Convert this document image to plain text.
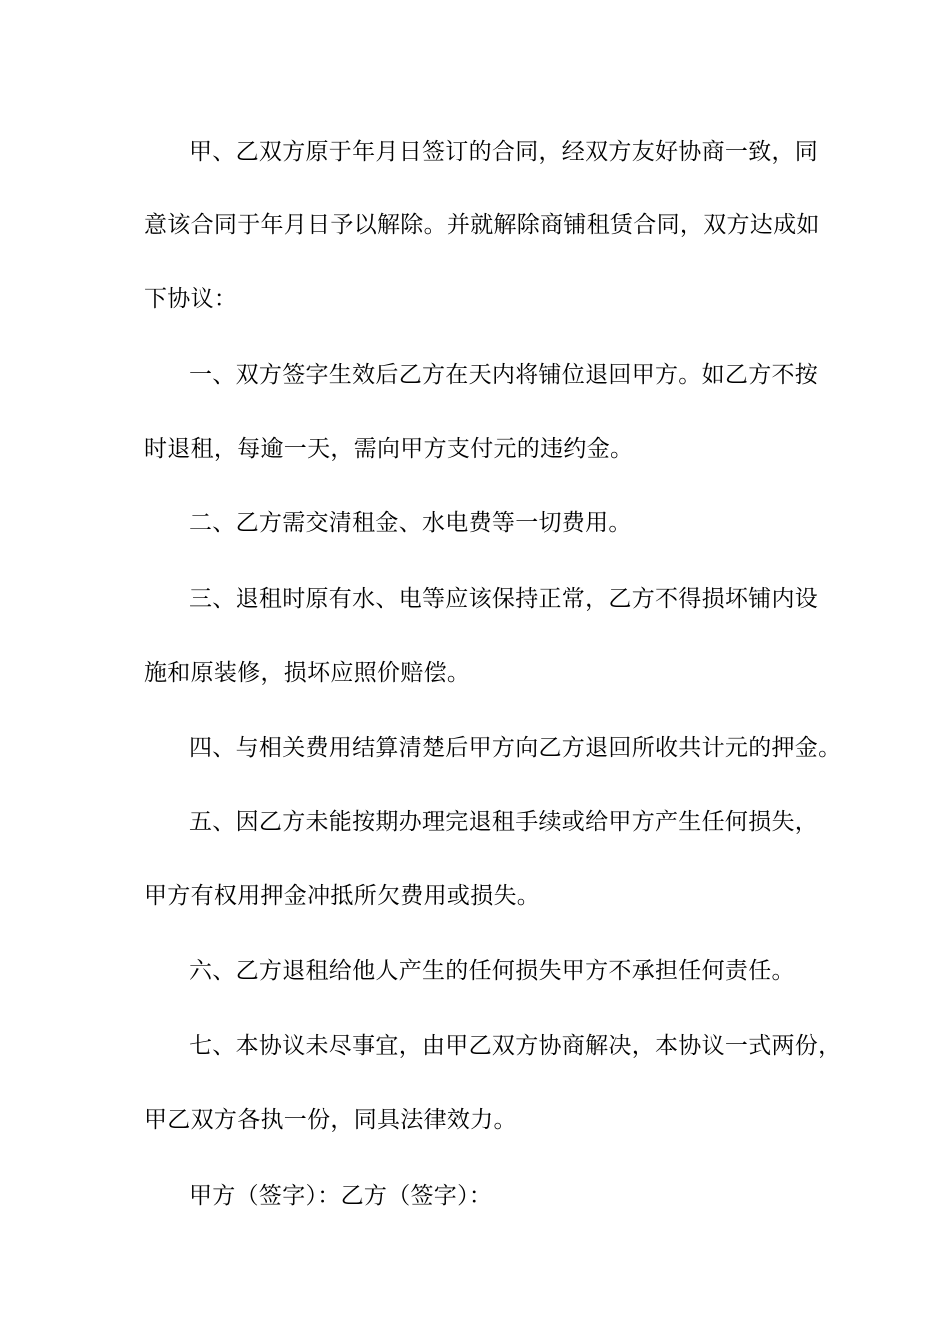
甲、乙双方原于年月日签订的合同，经双方友好协商一致，同
意该合同于年月日予以解除。并就解除商铺租赁合同，双方达成如
下协议：
一、双方签字生效后乙方在天内将铺位退回甲方。如乙方不按
时退租，每逾一天，需向甲方支付元的违约金。
二、乙方需交清租金、水电费等一切费用。
三、退租时原有水、电等应该保持正常，乙方不得损坏铺内设
施和原装修，损坏应照价赔偿。
四、与相关费用结算清楚后甲方向乙方退回所收共计元的押金。
五、因乙方未能按期办理完退租手续或给甲方产生任何损失，
甲方有权用押金冲抵所欠费用或损失。
六、乙方退租给他人产生的任何损失甲方不承担任何责任。
七、本协议未尽事宜，由甲乙双方协商解决，本协议一式两份，
甲乙双方各执一份，同具法律效力。
甲方（签字）：乙方（签字）：
